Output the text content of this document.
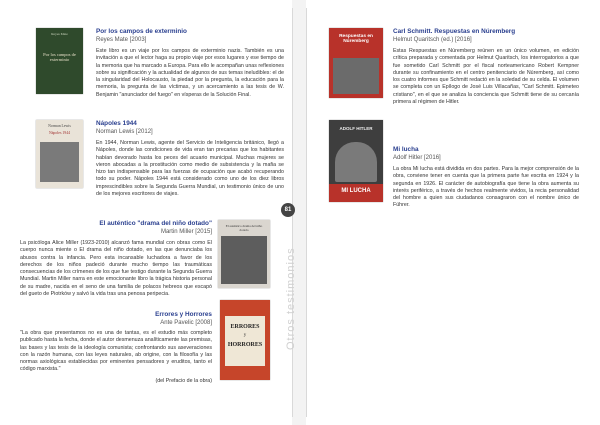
Reyes Mate
Por los campos de exterminio
Por los campos de exterminio
Reyes Mate [2003]
Este libro es un viaje por los campos de exterminio nazis. También es una invitación a que el lector haga su propio viaje por esos lugares y ese tiempo de la memoria que ha marcado a Europa. Para ello le acompañan unas reflexiones sobre su significación y la actualidad de algunos de sus temas ineludibles: el de la singularidad del Holocausto, la piedad por la pregunta, la educación para la memoria, la pregunta de las víctimas, y un acercamiento a las tesis de W. Benjamin "anunciador del fuego" en vísperas de la Solución Final.
Norman Lewis
Nápoles 1944
Nápoles 1944
Norman Lewis [2012]
En 1944, Norman Lewis, agente del Servicio de Inteligencia británico, llegó a Nápoles, donde las condiciones de vida eran tan precarias que los habitantes habían devorado hasta los peces del acuario municipal. Muchas mujeres se vieron abocadas a la prostitución como medio de subsistencia y la mafia se hizo tan indispensable para las fuerzas de ocupación que acabó recuperando todo su poder. Nápoles 1944 está considerado como uno de los diez libros imprescindibles sobre la Segunda Guerra Mundial, un testimonio único de uno de los mejores escritores de viajes.
El auténtico "drama del niño dotado"
Martin Miller [2015]
El auténtico drama del niño dotado
La psicóloga Alice Miller (1923-2010) alcanzó fama mundial con obras como El cuerpo nunca miente o El drama del niño dotado, en las que denunciaba los abusos contra la infancia. Pero esta incansable luchadora a favor de los derechos de los niños padeció durante mucho tiempo las traumáticas consecuencias de los crímenes de los que fue testigo durante la Segunda Guerra Mundial. Martin Miller narra en este emocionante libro la trágica historia personal de su madre, nacida en el seno de una familia de polacos hebreos que escapó del gueto de Piotrków y salvó la vida tras una penosa peripecia.
Errores y Horrores
Ante Pavelic [2008]
ERRORES
y
HORRORES
"La obra que presentamos no es una de tantas, es el estudio más completo publicado hasta la fecha, donde el autor desmenuza analíticamente las premisas, las bases y las tesis de la ideología comunista; confrontando sus aseveraciones con la razón humana, con las leyes naturales, ab origine, con la filosofía y las normas axiológicas establecidas por eminentes pensadores y eruditos, tanto el código marxista."
(del Prefacio de la obra)
81
Otros testimonios
Respuestas en Núremberg
Carl Schmitt. Respuestas en Núremberg
Helmut Quaritsch (ed.) [2016]
Estas Respuestas en Núremberg reúnen en un único volumen, en edición crítica preparada y comentada por Helmut Quaritsch, los interrogatorios a que fue sometido Carl Schmitt por el fiscal norteamericano Robert Kempner durante su confinamiento en el centro penitenciario de Núremberg, así como los cuatro informes que Schmitt redactó en la soledad de su celda. El volumen se completa con un Epílogo de José Luis Villacañas, "Carl Schmitt. Epimeteo cristiano", en el que se analiza la conciencia que Schmitt tiene de su cercanía primera al régimen de Hitler.
ADOLF HITLER
MI LUCHA
Mi lucha
Adolf Hitler [2016]
La obra Mi lucha está dividida en dos partes. Para la mejor comprensión de la obra, conviene tener en cuenta que la primera parte fue escrita en 1924 y la segunda en 1926. El carácter de autobiografía que tiene la obra aumenta su interés periférico, a través de hechos realmente vividos, la recia personalidad del hombre a quien sus ciudadanos consagraron con el nombre único de Führer.
